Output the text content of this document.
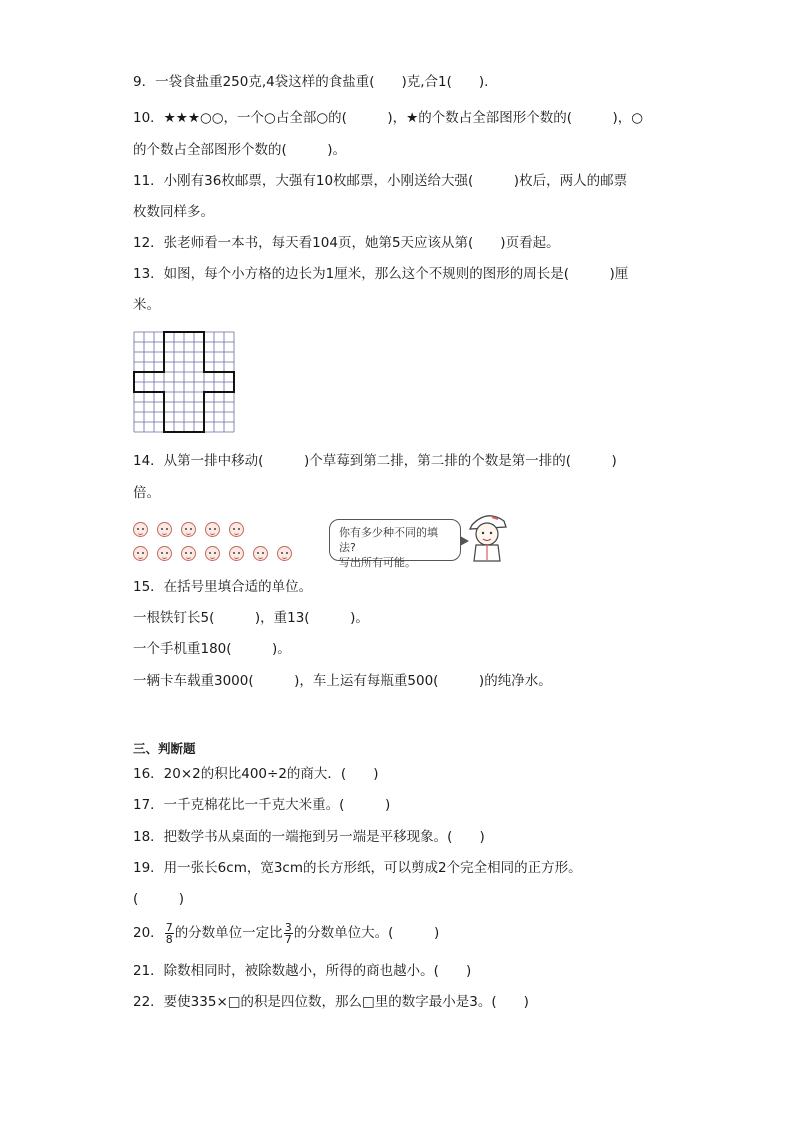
9．一袋食盐重250克,4袋这样的食盐重(　　)克,合1(　　).
10．★★★○○，一个○占全部○的(　　　)，★的个数占全部图形个数的(　　　)，○
的个数占全部图形个数的(　　　)。
11．小刚有36枚邮票，大强有10枚邮票，小刚送给大强(　　　)枚后，两人的邮票
枚数同样多。
12．张老师看一本书，每天看104页，她第5天应该从第(　　)页看起。
13．如图，每个小方格的边长为1厘米，那么这个不规则的图形的周长是(　　　)厘
米。
14．从第一排中移动(　　　)个草莓到第二排，第二排的个数是第一排的(　　　)
倍。
你有多少种不同的填法?
写出所有可能。
15．在括号里填合适的单位。
一根铁钉长5(　　　)，重13(　　　)。
一个手机重180(　　　)。
一辆卡车载重3000(　　　)，车上运有每瓶重500(　　　)的纯净水。
三、判断题
16．20×2的积比400÷2的商大．(　　)
17．一千克棉花比一千克大米重。(　　　)
18．把数学书从桌面的一端拖到另一端是平移现象。(　　)
19．用一张长6cm，宽3cm的长方形纸，可以剪成2个完全相同的正方形。
(　　　)
20． $\frac{7}{8}$ 的分数单位一定比 $\frac{3}{7}$ 的分数单位大。(　　　)
21．除数相同时，被除数越小，所得的商也越小。(　　)
22．要使335×□的积是四位数，那么□里的数字最小是3。(　　)
